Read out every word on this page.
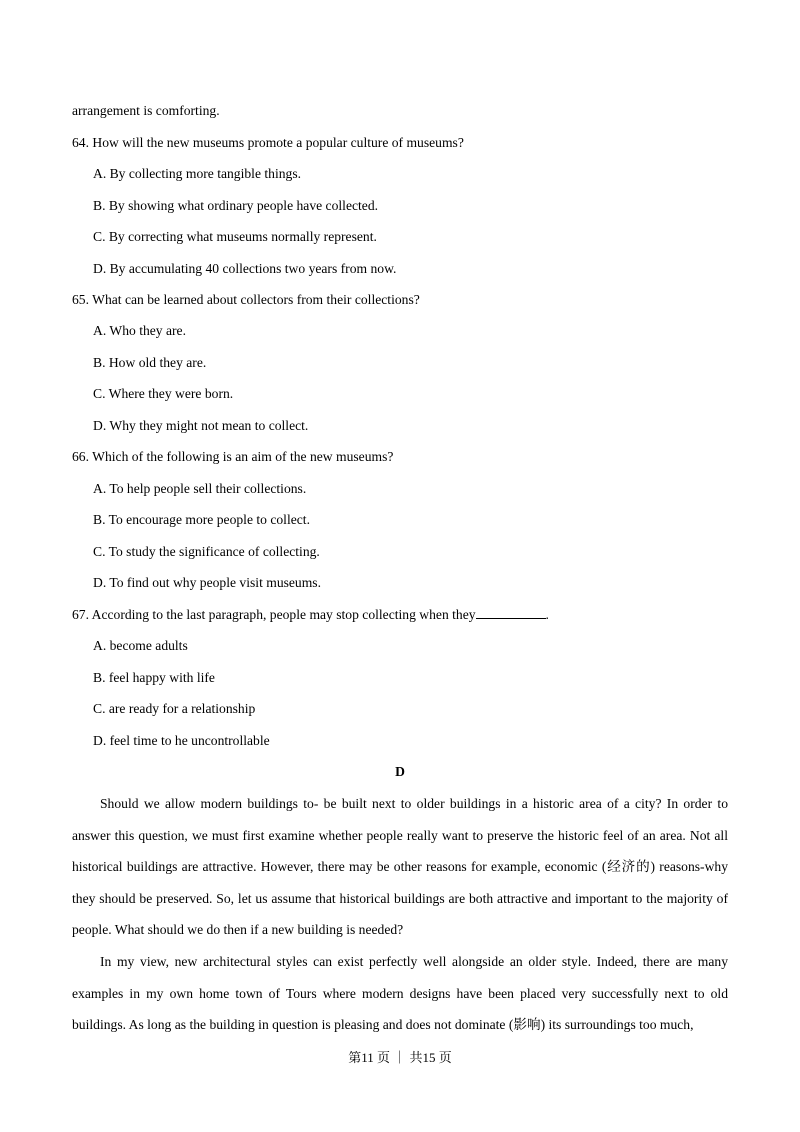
arrangement is comforting.
64. How will the new museums promote a popular culture of museums?
A. By collecting more tangible things.
B. By showing what ordinary people have collected.
C. By correcting what museums normally represent.
D. By accumulating 40 collections two years from now.
65. What can be learned about collectors from their collections?
A. Who they are.
B. How old they are.
C. Where they were born.
D. Why they might not mean to collect.
66. Which of the following is an aim of the new museums?
A. To help people sell their collections.
B. To encourage more people to collect.
C. To study the significance of collecting.
D. To find out why people visit museums.
67. According to the last paragraph, people may stop collecting when they	.
A. become adults
B. feel happy with life
C. are ready for a relationship
D. feel time to he uncontrollable
D
Should we allow modern buildings to- be built next to older buildings in a historic area of a city? In order to answer this question, we must first examine whether people really want to preserve the historic feel of an area. Not all historical buildings are attractive. However, there may be other reasons for example, economic (经济的) reasons-why they should be preserved. So, let us assume that historical buildings are both attractive and important to the majority of people. What should we do then if a new building is needed?
In my view, new architectural styles can exist perfectly well alongside an older style. Indeed, there are many examples in my own home town of Tours where modern designs have been placed very successfully next to old buildings. As long as the building in question is pleasing and does not dominate (影响) its surroundings too much,
第11 页 ｜ 共15 页
